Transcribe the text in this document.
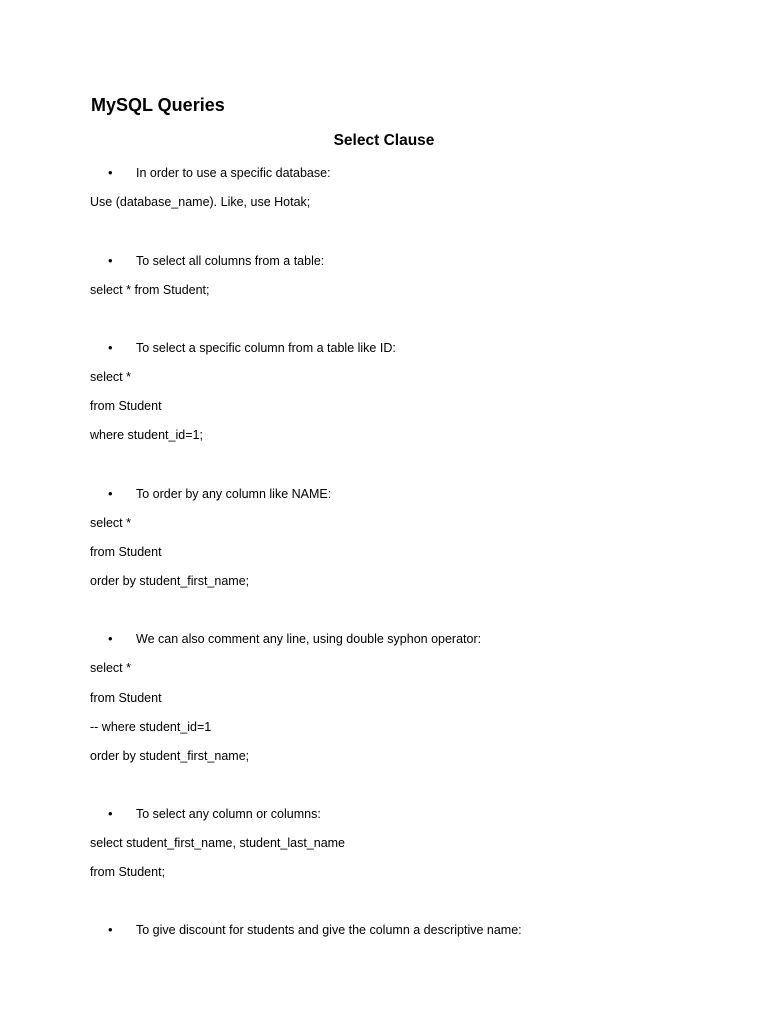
MySQL Queries
Select Clause
• In order to use a specific database:

Use (database_name). Like, use Hotak;

• To select all columns from a table:

select * from Student;

• To select a specific column from a table like ID:

select *

from Student

where student_id=1;

• To order by any column like NAME:

select *

from Student

order by student_first_name;

• We can also comment any line, using double syphon operator:

select *

from Student

-- where student_id=1

order by student_first_name;

• To select any column or columns:

select student_first_name, student_last_name

from Student;

• To give discount for students and give the column a descriptive name:
